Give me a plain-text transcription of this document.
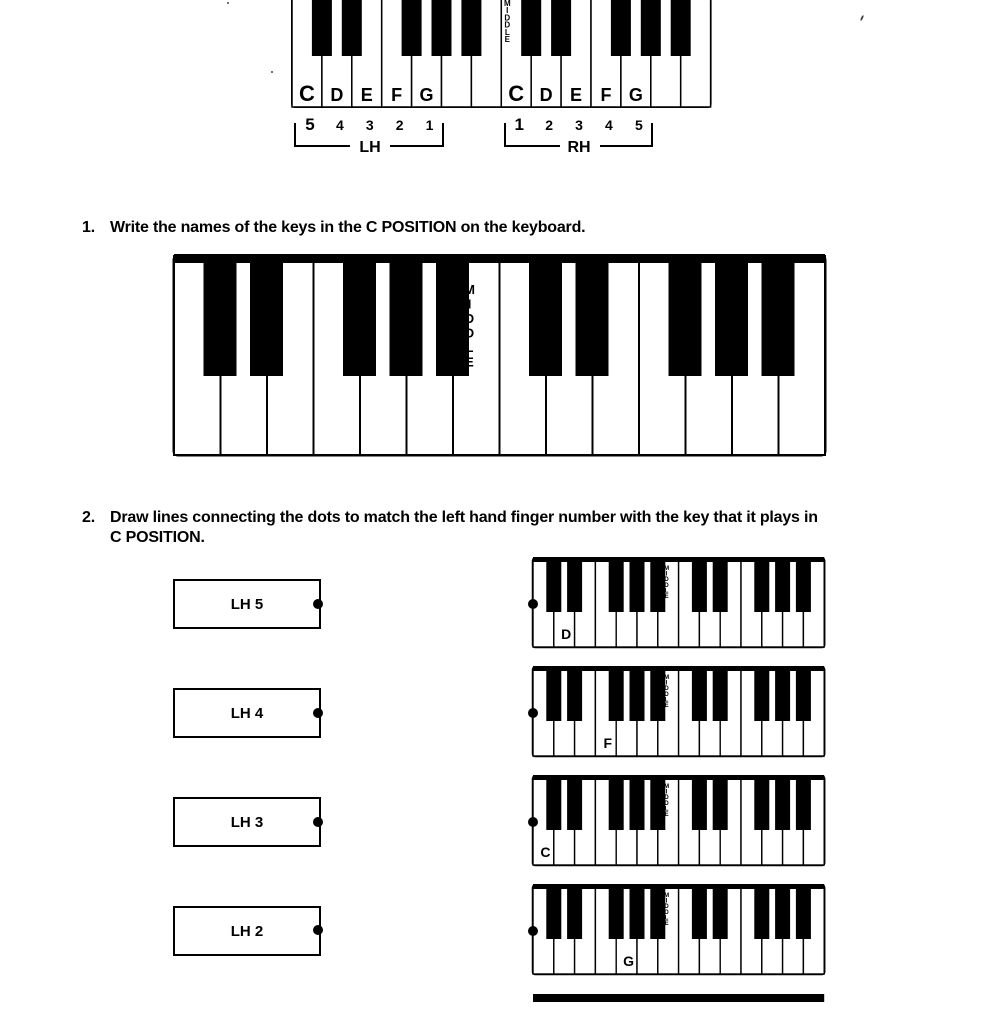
M
I
D
D
L
E
C	C
D	D
E	E
F	F
G	G
5	1
4	2
3	3
2	4
1	5
LH	RH
1. Write the names of the keys in the C POSITION on the keyboard.
M
I
D
D
L
E
2. Draw lines connecting the dots to match the left hand finger number with the key that it plays in
C POSITION.
LH 5
LH 4
LH 3
LH 2
M
I
D
D
L
E
D
M
I
D
D
L
E
F
M
I
D
D
L
E
C
M
I
D
D
L
E
G
